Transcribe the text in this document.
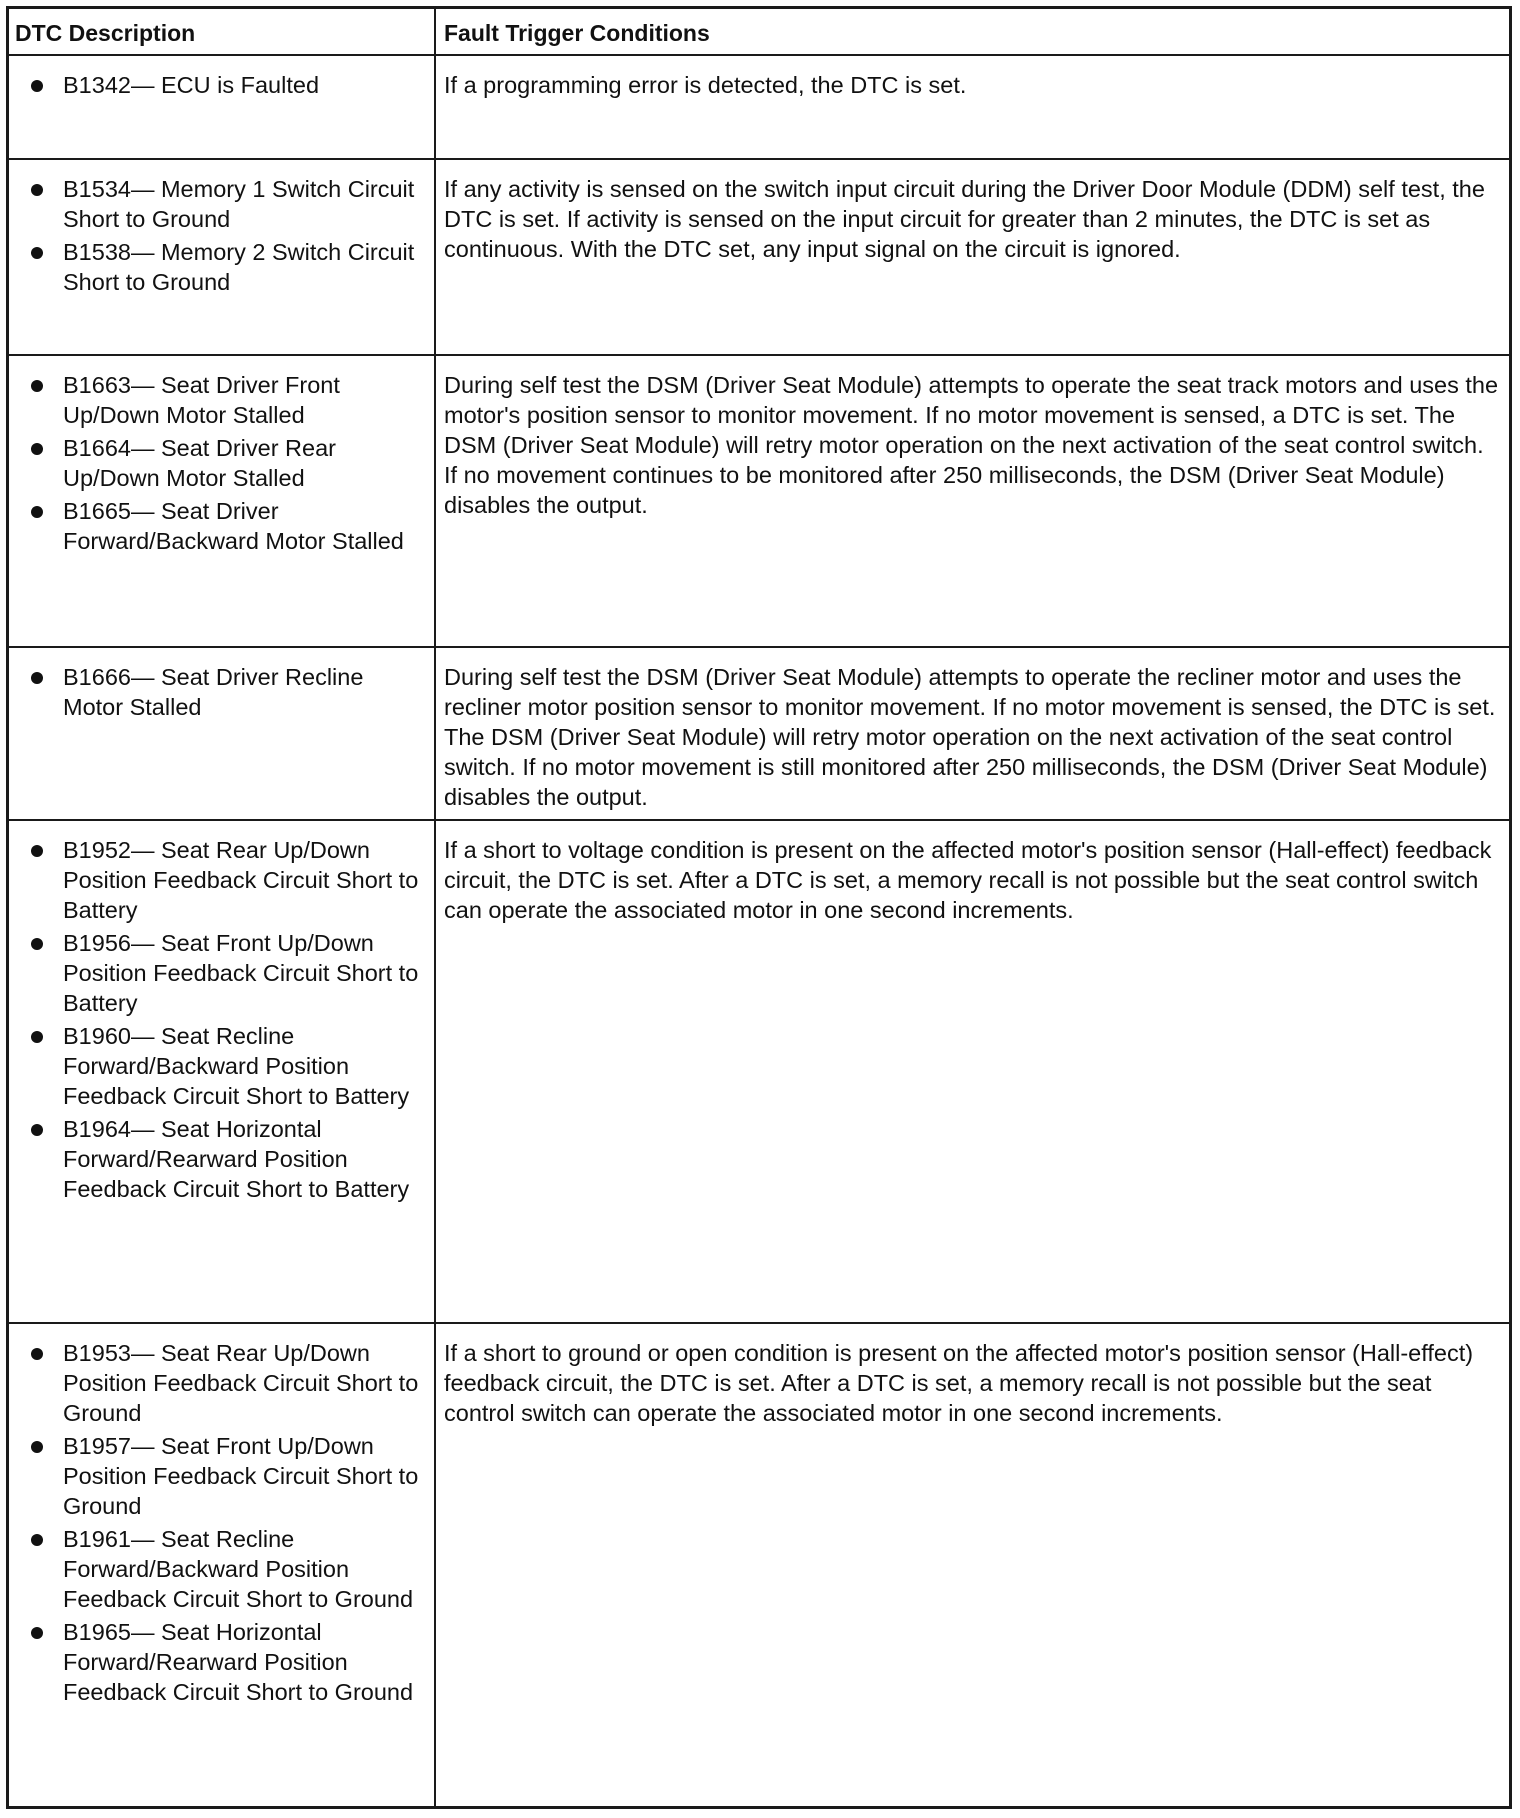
DTC Description	Fault Trigger Conditions
B1342— ECU is Faulted	If a programming error is detected, the DTC is set.
B1534— Memory 1 Switch Circuit Short to Ground
B1538— Memory 2 Switch Circuit Short to Ground
If any activity is sensed on the switch input circuit during the Driver Door Module (DDM) self test, the DTC is set. If activity is sensed on the input circuit for greater than 2 minutes, the DTC is set as continuous. With the DTC set, any input signal on the circuit is ignored.
B1663— Seat Driver Front Up/Down Motor Stalled
B1664— Seat Driver Rear Up/Down Motor Stalled
B1665— Seat Driver Forward/Backward Motor Stalled
During self test the DSM (Driver Seat Module) attempts to operate the seat track motors and uses the motor's position sensor to monitor movement. If no motor movement is sensed, a DTC is set. The DSM (Driver Seat Module) will retry motor operation on the next activation of the seat control switch. If no movement continues to be monitored after 250 milliseconds, the DSM (Driver Seat Module) disables the output.
B1666— Seat Driver Recline Motor Stalled
During self test the DSM (Driver Seat Module) attempts to operate the recliner motor and uses the recliner motor position sensor to monitor movement. If no motor movement is sensed, the DTC is set. The DSM (Driver Seat Module) will retry motor operation on the next activation of the seat control switch. If no motor movement is still monitored after 250 milliseconds, the DSM (Driver Seat Module) disables the output.
B1952— Seat Rear Up/Down Position Feedback Circuit Short to Battery
B1956— Seat Front Up/Down Position Feedback Circuit Short to Battery
B1960— Seat Recline Forward/Backward Position Feedback Circuit Short to Battery
B1964— Seat Horizontal Forward/Rearward Position Feedback Circuit Short to Battery
If a short to voltage condition is present on the affected motor's position sensor (Hall-effect) feedback circuit, the DTC is set. After a DTC is set, a memory recall is not possible but the seat control switch can operate the associated motor in one second increments.
B1953— Seat Rear Up/Down Position Feedback Circuit Short to Ground
B1957— Seat Front Up/Down Position Feedback Circuit Short to Ground
B1961— Seat Recline Forward/Backward Position Feedback Circuit Short to Ground
B1965— Seat Horizontal Forward/Rearward Position Feedback Circuit Short to Ground
If a short to ground or open condition is present on the affected motor's position sensor (Hall-effect) feedback circuit, the DTC is set. After a DTC is set, a memory recall is not possible but the seat control switch can operate the associated motor in one second increments.
